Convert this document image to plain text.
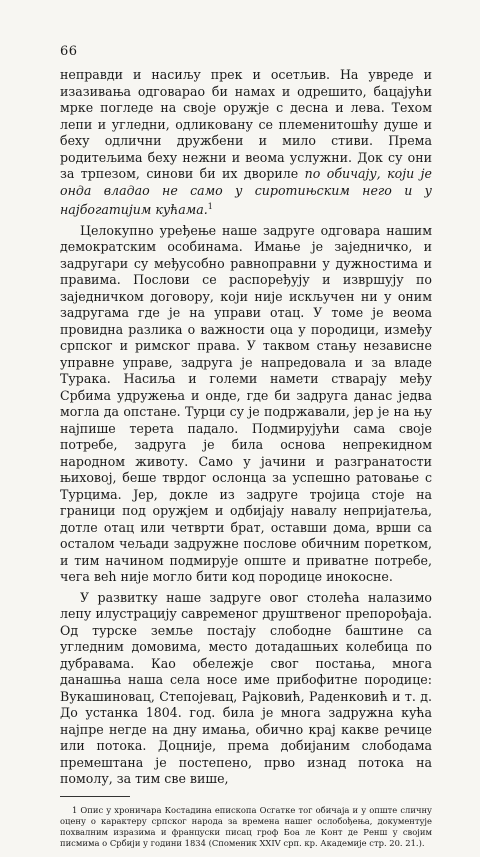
66

неправди и насиљу прек и осетљив. На увреде и изазивања одговарао би намах и одрешито, бацајући мрке погледе на своје оружје с десна и лева. Техом лепи и угледни, одликовану се племенитошћу душе и беху одлични дружбени и мило стиви. Према родитељима беху нежни и веома услужни. Док су они за трпезом, синови би их двориле по обичају, који је онда владао не само у сиротињским него и у најбогатијим кућама.$^1$

Целокупно уређење наше задруге одговара нашим демократским особинама. Имање је заједничко, и задругари су међусобно равноправни у дужностима и правима. Послови се распоређују и извршују по заједничком договору, који није искључен ни у оним задругама где је на управи отац. У томе је веома провидна разлика о важности оца у породици, између српског и римског права. У таквом стању независне управне управе, задруга је напредовала и за владе Турака. Насиља и големи намети стварају међу Србима удружења и онде, где би задруга данас једва могла да опстане. Турци су је подржавали, јер је на њу најпише терета падало. Подмирујући сама своје потребе, задруга је била основа непрекидном народном животу. Само у јачини и разгранатости њиховој, беше тврдог ослонца за успешно ратовање с Турцима. Јер, докле из задруге тројица стоје на граници под оружјем и одбијају навалу непријатеља, дотле отац или четврти брат, оставши дома, врши са осталом чељади задружне послове обичним поретком, и тим начином подмирује опште и приватне потребе, чега веh није могло бити код породице инокосне.

У развитку наше задруге овог столећа налазимо лепу илустрацију савременог друштвеног препорођаја. Од турске земље постају слободне баштине са угледним домовима, место дотадашњих колебица по дубравама. Као обележје свог постања, многа данашња наша села носе име прибофитне породице: Вукашиновац, Степојевац, Рајковић, Раденковић и т. д. До устанка 1804. год. била је многа задружна кућа најпре негде на дну имања, обично крај какве речице или потока. Доцније, према добијаним слободама премештана је постепено, прво изнад потока на помолу, за тим све више,

1 Опис у хроничара Костадина епископа Осгатке тог обичаја и у опште сличну оцену о карактеру српског народа за времена нашег ослобођења, документује похвалним изразима и француски писац гроф Боа ле Конт де Ренш у својим писмима о Србији у години 1834 (Споменик XXIV срп. кр. Академије стр. 20. 21.).
